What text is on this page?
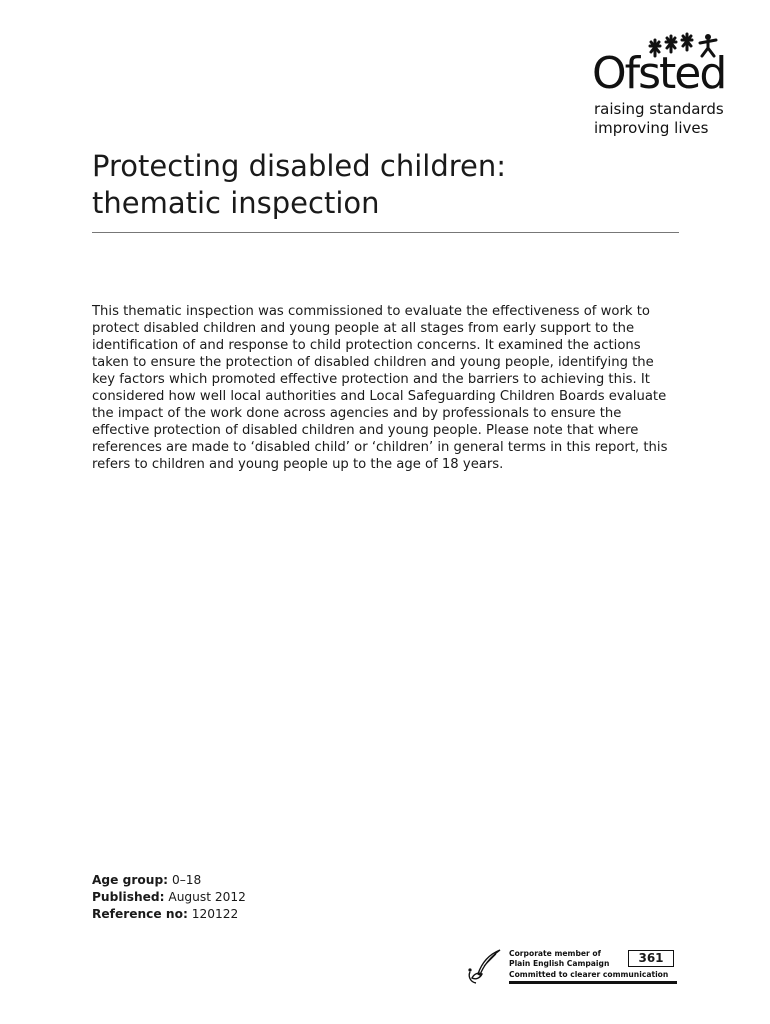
Ofsted
raising standards
improving lives
Protecting disabled children:
thematic inspection

This thematic inspection was commissioned to evaluate the effectiveness of work to protect disabled children and young people at all stages from early support to the identification of and response to child protection concerns. It examined the actions taken to ensure the protection of disabled children and young people, identifying the key factors which promoted effective protection and the barriers to achieving this. It considered how well local authorities and Local Safeguarding Children Boards evaluate the impact of the work done across agencies and by professionals to ensure the effective protection of disabled children and young people. Please note that where references are made to ‘disabled child’ or ‘children’ in general terms in this report, this refers to children and young people up to the age of 18 years.

Age group: 0–18
Published: August 2012
Reference no: 120122
Corporate member of
Plain English Campaign	361
Committed to clearer communication
